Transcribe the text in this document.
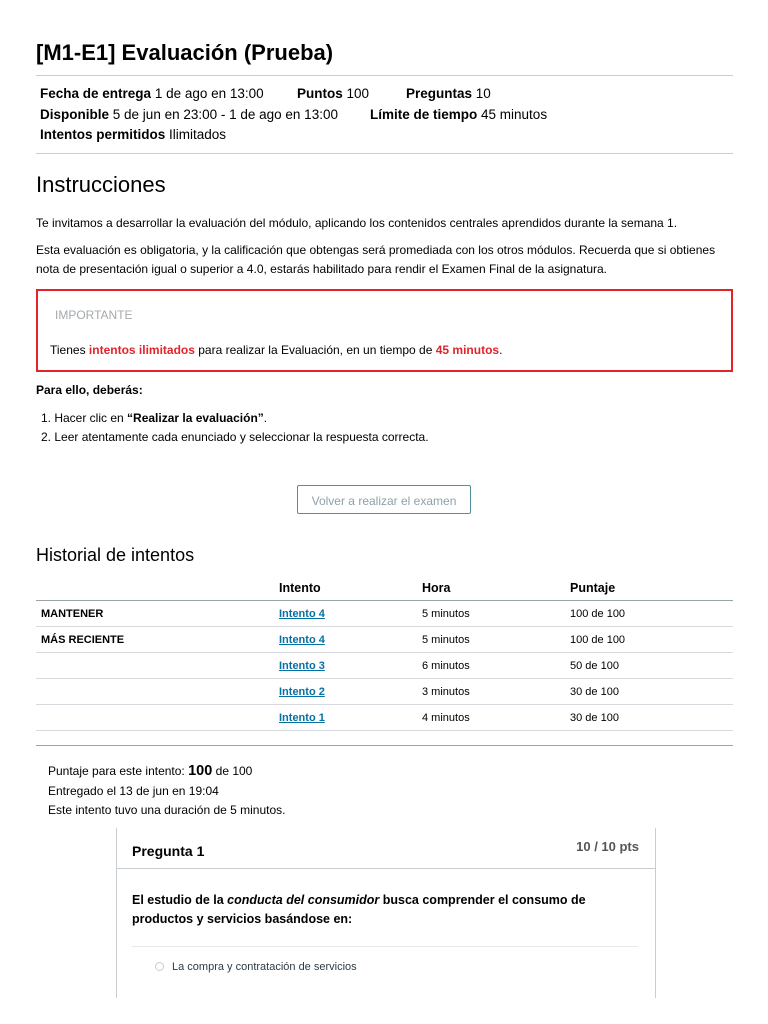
[M1-E1] Evaluación (Prueba)
Fecha de entrega 1 de ago en 13:00 Puntos 100	Preguntas 10
Disponible 5 de jun en 23:00 - 1 de ago en 13:00 Límite de tiempo 45 minutos
Intentos permitidos Ilimitados
Instrucciones

Te invitamos a desarrollar la evaluación del módulo, aplicando los contenidos centrales aprendidos durante la semana 1.

Esta evaluación es obligatoria, y la calificación que obtengas será promediada con los otros módulos. Recuerda que si obtienes nota de presentación igual o superior a 4.0, estarás habilitado para rendir el Examen Final de la asignatura.

IMPORTANTE
Tienes intentos ilimitados para realizar la Evaluación, en un tiempo de 45 minutos.
Para ello, deberás:
1. Hacer clic en “Realizar la evaluación”.
2. Leer atentamente cada enunciado y seleccionar la respuesta correcta.
Volver a realizar el examen
Historial de intentos
	Intento	Hora	Puntaje
MANTENER	Intento 4	5 minutos	100 de 100
MÁS RECIENTE	Intento 4	5 minutos	100 de 100
	Intento 3	6 minutos	50 de 100
	Intento 2	3 minutos	30 de 100
	Intento 1	4 minutos	30 de 100
Puntaje para este intento: 100 de 100
Entregado el 13 de jun en 19:04
Este intento tuvo una duración de 5 minutos.
Pregunta 1	10 / 10 pts
El estudio de la conducta del consumidor busca comprender el consumo de productos y servicios basándose en:
La compra y contratación de servicios
